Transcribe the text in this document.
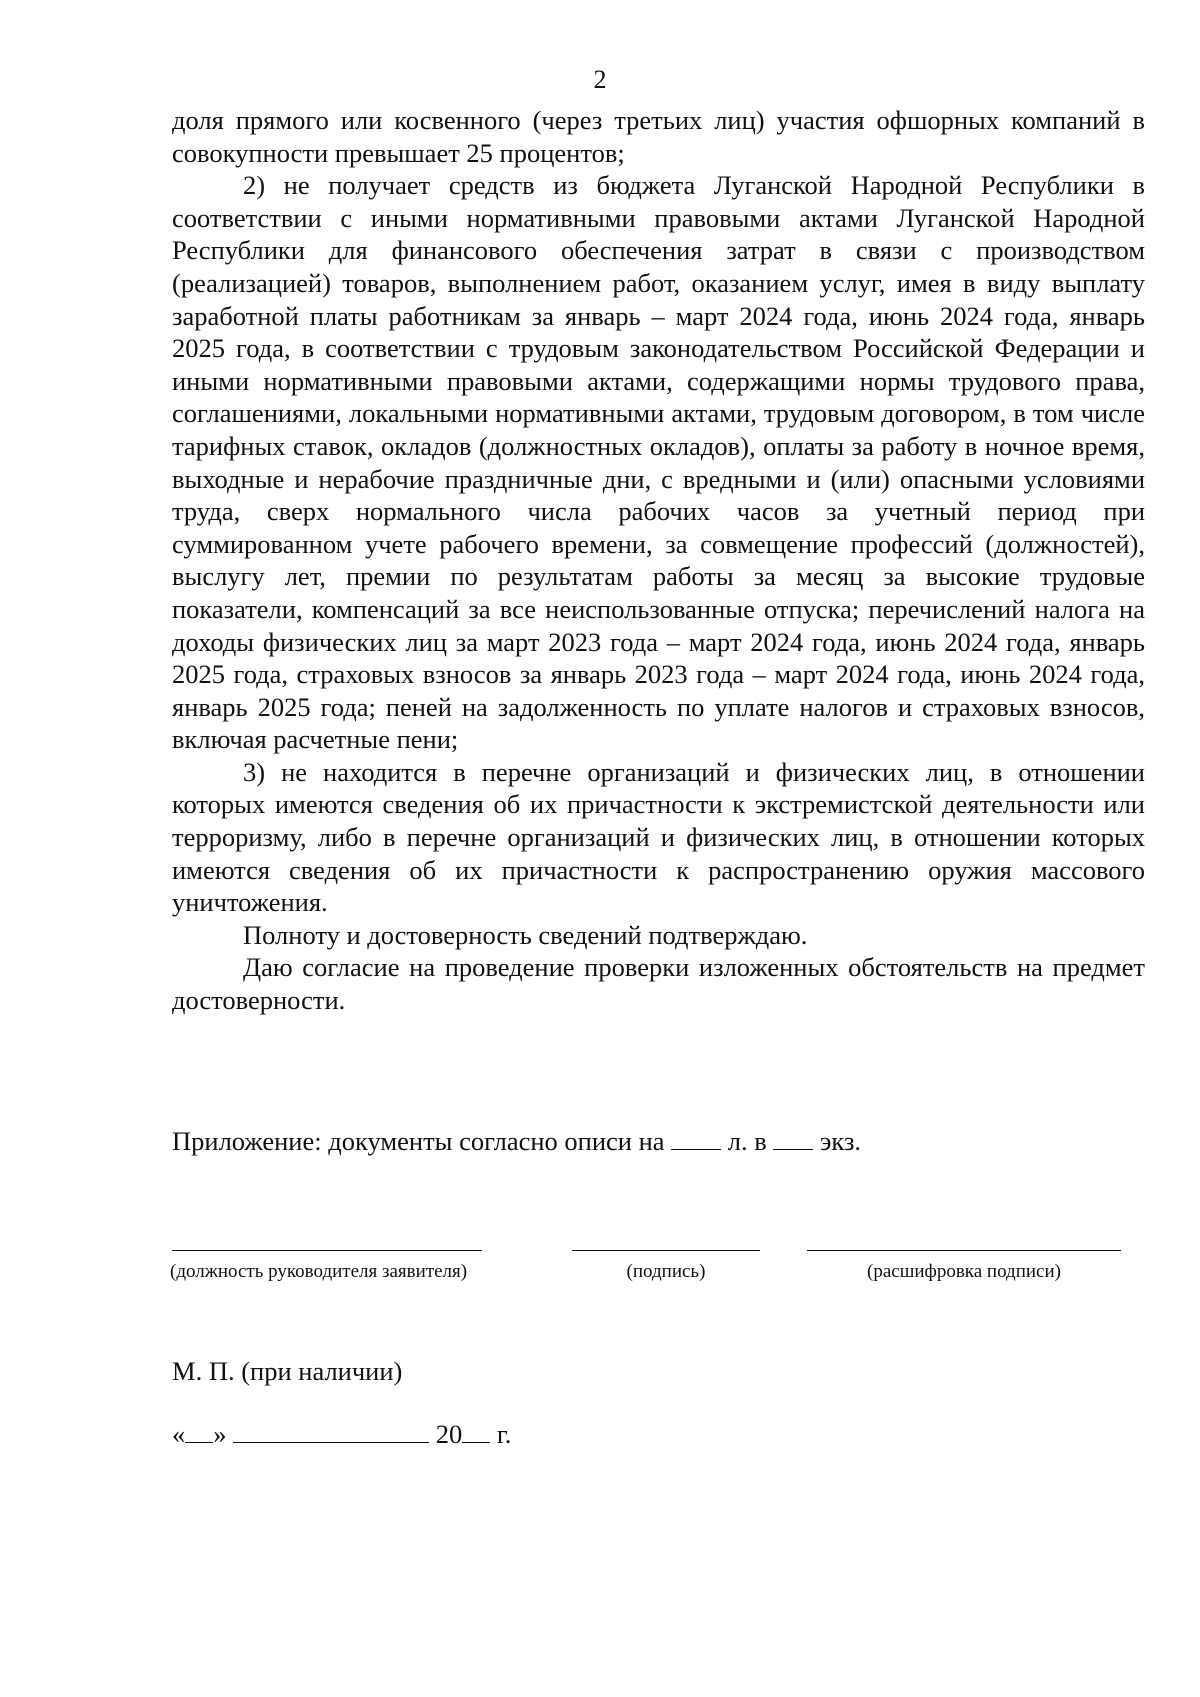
2

доля прямого или косвенного (через третьих лиц) участия офшорных компаний в совокупности превышает 25 процентов;

2) не получает средств из бюджета Луганской Народной Республики в соответствии с иными нормативными правовыми актами Луганской Народной Республики для финансового обеспечения затрат в связи с производством (реализацией) товаров, выполнением работ, оказанием услуг, имея в виду выплату заработной платы работникам за январь – март 2024 года, июнь 2024 года, январь 2025 года, в соответствии с трудовым законодательством Российской Федерации и иными нормативными правовыми актами, содержащими нормы трудового права, соглашениями, локальными нормативными актами, трудовым договором, в том числе тарифных ставок, окладов (должностных окладов), оплаты за работу в ночное время, выходные и нерабочие праздничные дни, с вредными и (или) опасными условиями труда, сверх нормального числа рабочих часов за учетный период при суммированном учете рабочего времени, за совмещение профессий (должностей), выслугу лет, премии по результатам работы за месяц за высокие трудовые показатели, компенсаций за все неиспользованные отпуска; перечислений налога на доходы физических лиц за март 2023 года – март 2024 года, июнь 2024 года, январь 2025 года, страховых взносов за январь 2023 года – март 2024 года, июнь 2024 года, январь 2025 года; пеней на задолженность по уплате налогов и страховых взносов, включая расчетные пени;

3) не находится в перечне организаций и физических лиц, в отношении которых имеются сведения об их причастности к экстремистской деятельности или терроризму, либо в перечне организаций и физических лиц, в отношении которых имеются сведения об их причастности к распространению оружия массового уничтожения.

Полноту и достоверность сведений подтверждаю.

Даю согласие на проведение проверки изложенных обстоятельств на предмет достоверности.

Приложение: документы согласно описи на л. в экз.
(должность руководителя заявителя)	(подпись)	(расшифровка подписи)
М. П. (при наличии)
« »	20 г.
